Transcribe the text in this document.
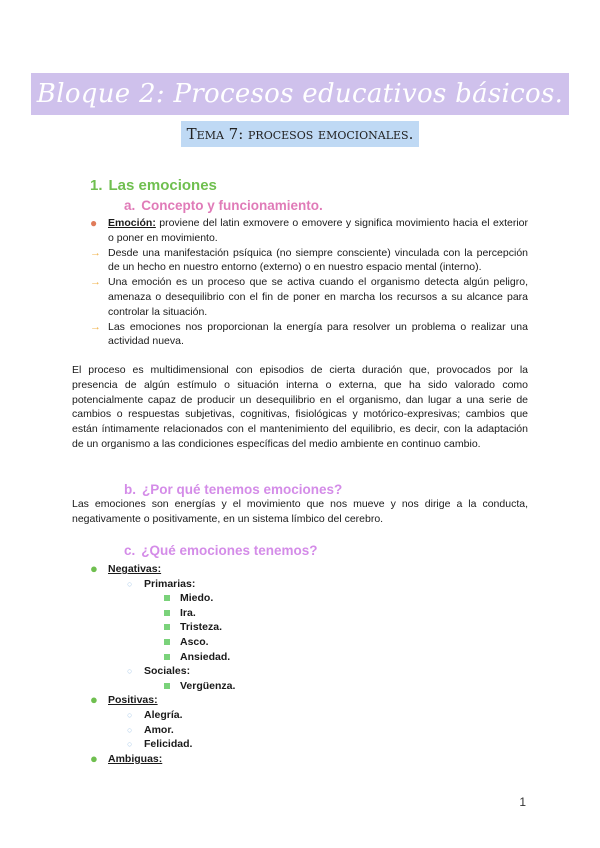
Bloque 2: Procesos educativos básicos.
Tema 7: procesos emocionales.
1. Las emociones
a. Concepto y funcionamiento.
●	Emoción: proviene del latin exmovere o emovere y significa movimiento hacia el exterior o poner en movimiento.
→ Desde una manifestación psíquica (no siempre consciente) vinculada con la percepción de un hecho en nuestro entorno (externo) o en nuestro espacio mental (interno).
→ Una emoción es un proceso que se activa cuando el organismo detecta algún peligro, amenaza o desequilibrio con el fin de poner en marcha los recursos a su alcance para controlar la situación.
→ Las emociones nos proporcionan la energía para resolver un problema o realizar una actividad nueva.
El proceso es multidimensional con episodios de cierta duración que, provocados por la presencia de algún estímulo o situación interna o externa, que ha sido valorado como potencialmente capaz de producir un desequilibrio en el organismo, dan lugar a una serie de cambios o respuestas subjetivas, cognitivas, fisiológicas y motórico-expresivas; cambios que están íntimamente relacionados con el mantenimiento del equilibrio, es decir, con la adaptación de un organismo a las condiciones específicas del medio ambiente en continuo cambio.
b. ¿Por qué tenemos emociones?
Las emociones son energías y el movimiento que nos mueve y nos dirige a la conducta, negativamente o positivamente, en un sistema límbico del cerebro.
c. ¿Qué emociones tenemos?
● Negativas:
○ Primarias:
Miedo.
Ira.
Tristeza.
Asco.
Ansiedad.
○ Sociales:
Vergüenza.
● Positivas:
○ Alegría.
○ Amor.
○ Felicidad.
● Ambiguas:
1
